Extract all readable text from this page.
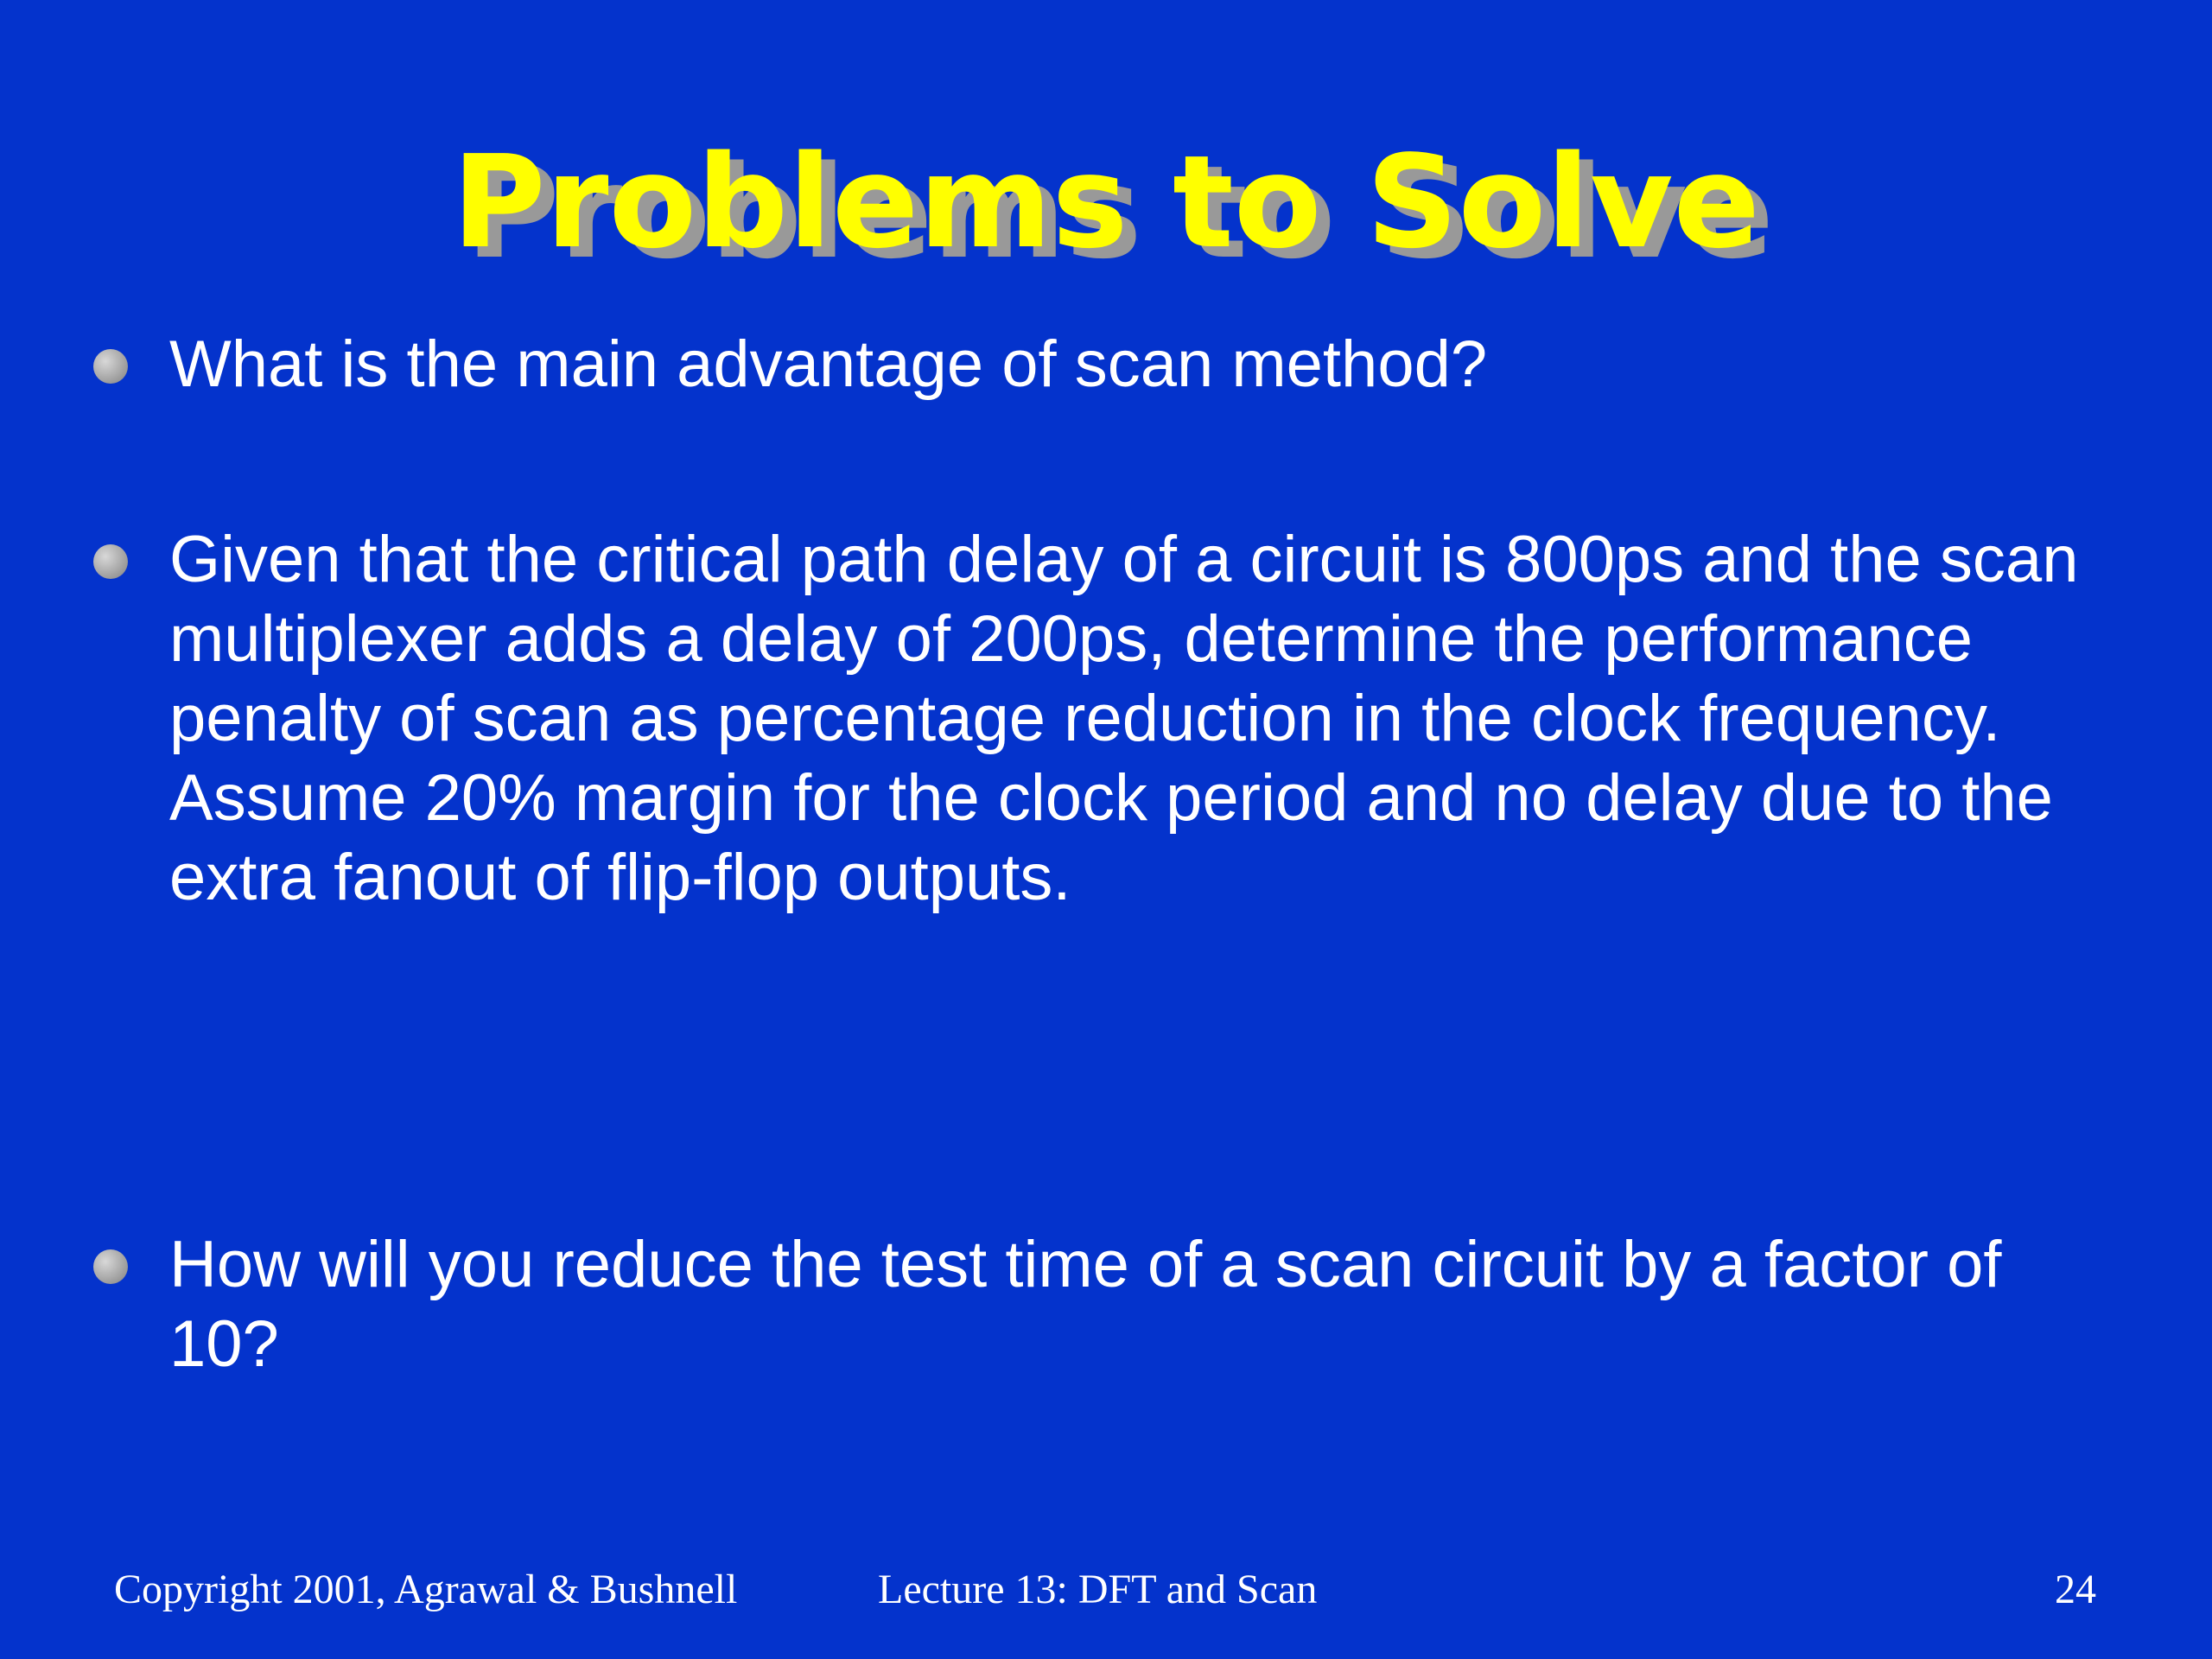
Problems to Solve
What is the main advantage of scan method?
Given that the critical path delay of a circuit is 800ps and the scan multiplexer adds a delay of 200ps, determine the performance penalty of scan as percentage reduction in the clock frequency. Assume 20% margin for the clock period and no delay due to the extra fanout of flip-flop outputs.
How will you reduce the test time of a scan circuit by a factor of 10?
Copyright 2001, Agrawal & Bushnell	Lecture 13: DFT and Scan	24
